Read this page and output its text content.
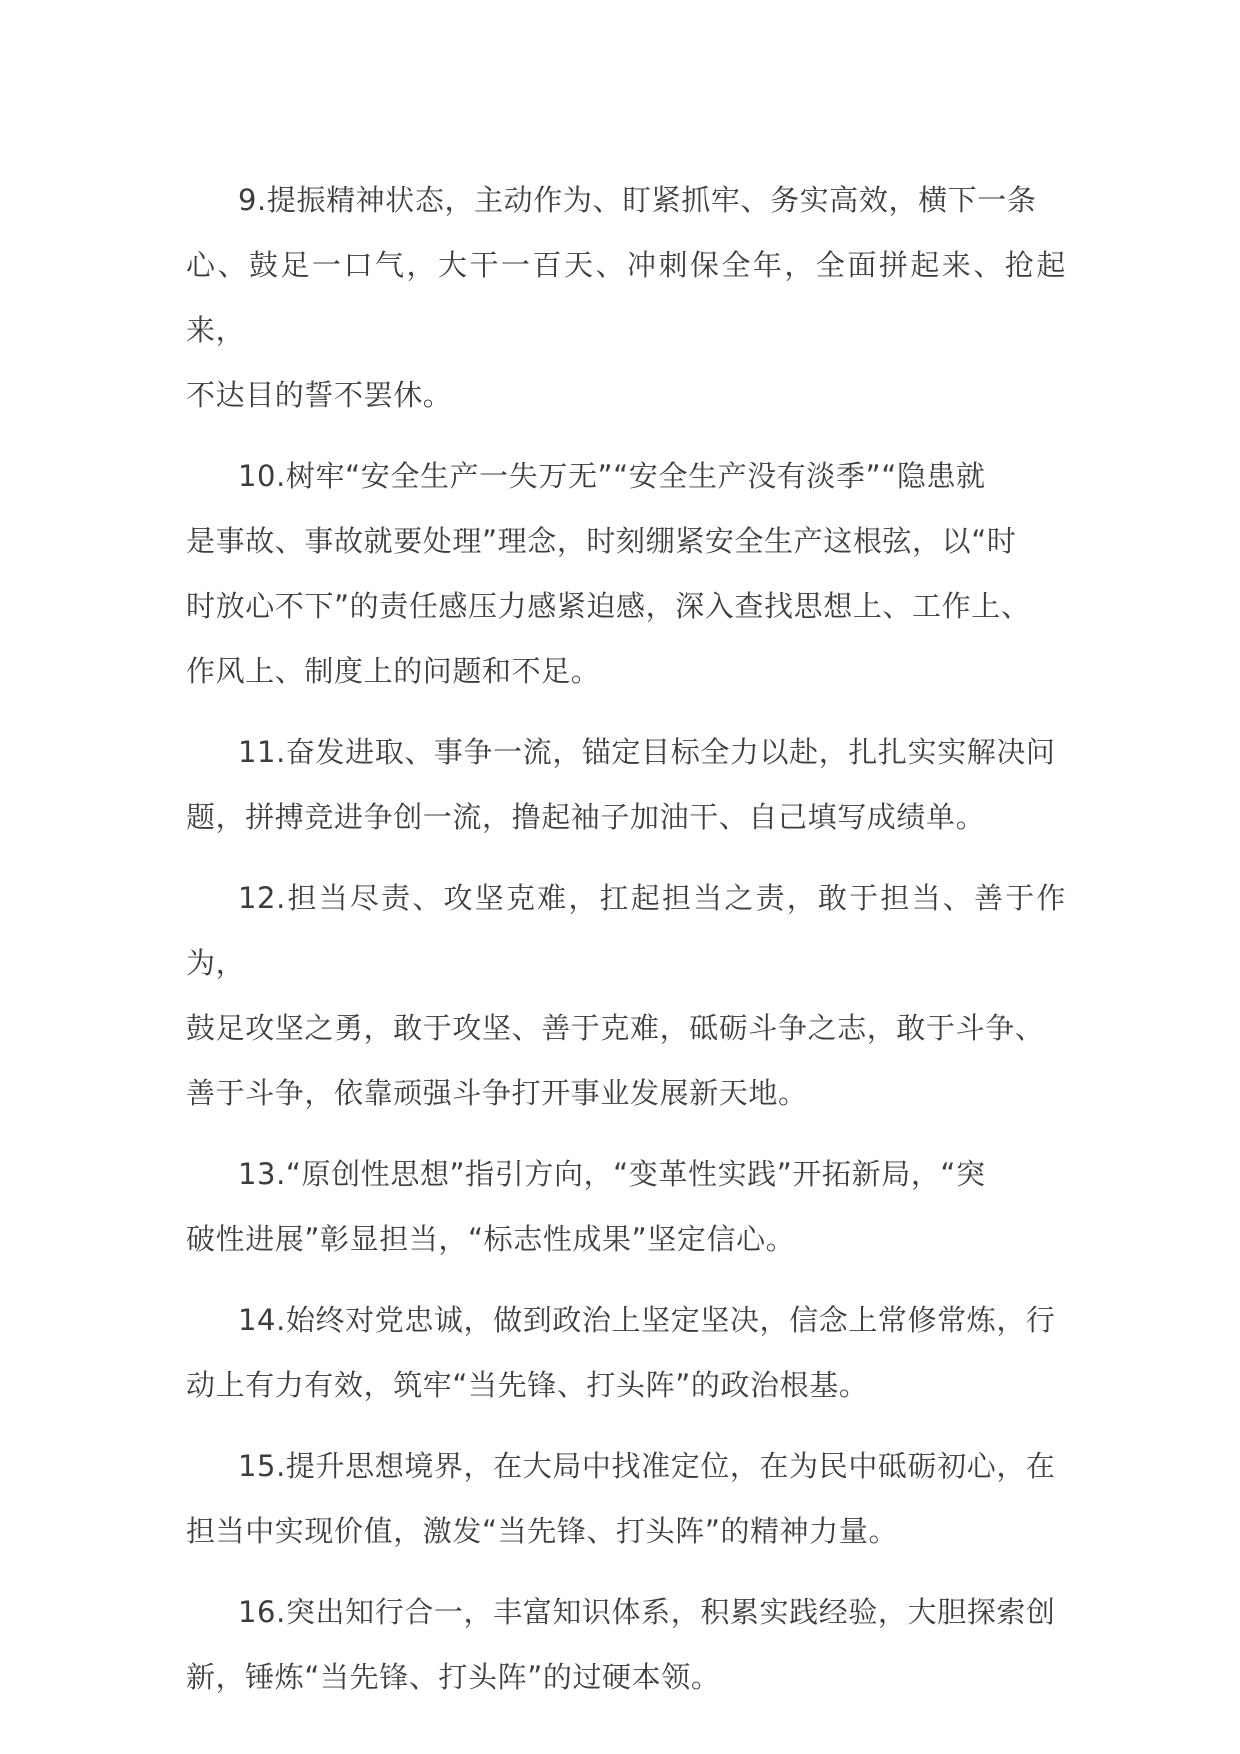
9.提振精神状态，主动作为、盯紧抓牢、务实高效，横下一条
心、鼓足一口气，大干一百天、冲刺保全年，全面拼起来、抢起来，
不达目的誓不罢休。

10.树牢“安全生产一失万无”“安全生产没有淡季”“隐患就
是事故、事故就要处理”理念，时刻绷紧安全生产这根弦，以“时
时放心不下”的责任感压力感紧迫感，深入查找思想上、工作上、
作风上、制度上的问题和不足。

11.奋发进取、事争一流，锚定目标全力以赴，扎扎实实解决问
题，拼搏竞进争创一流，撸起袖子加油干、自己填写成绩单。

12.担当尽责、攻坚克难，扛起担当之责，敢于担当、善于作为，
鼓足攻坚之勇，敢于攻坚、善于克难，砥砺斗争之志，敢于斗争、
善于斗争，依靠顽强斗争打开事业发展新天地。

13.“原创性思想”指引方向，“变革性实践”开拓新局，“突
破性进展”彰显担当，“标志性成果”坚定信心。

14.始终对党忠诚，做到政治上坚定坚决，信念上常修常炼，行
动上有力有效，筑牢“当先锋、打头阵”的政治根基。

15.提升思想境界，在大局中找准定位，在为民中砥砺初心，在
担当中实现价值，激发“当先锋、打头阵”的精神力量。

16.突出知行合一，丰富知识体系，积累实践经验，大胆探索创
新，锤炼“当先锋、打头阵”的过硬本领。
